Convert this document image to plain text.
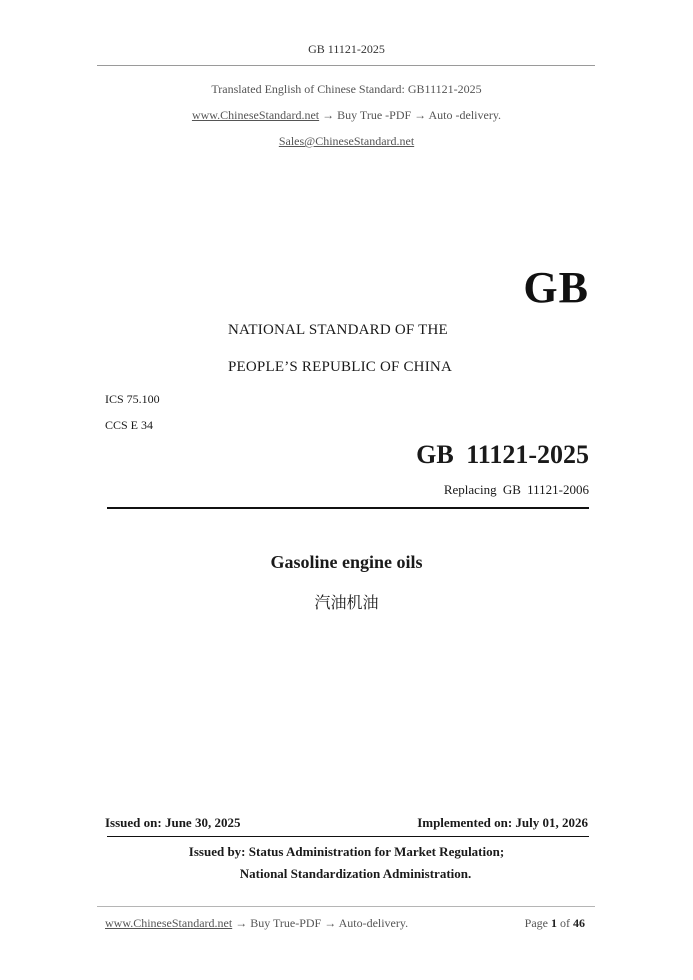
GB 11121-2025
Translated English of Chinese Standard: GB11121-2025
www.ChineseStandard.net → Buy True -PDF → Auto -delivery.
Sales@ChineseStandard.net
GB
NATIONAL STANDARD OF THE
PEOPLE’S REPUBLIC OF CHINA
ICS 75.100
CCS E 34
GB 11121-2025
Replacing GB 11121-2006
Gasoline engine oils
汽油机油
Issued on: June 30, 2025	Implemented on: July 01, 2026
Issued by: Status Administration for Market Regulation;
National Standardization Administration.
www.ChineseStandard.net → Buy True-PDF → Auto-delivery.	Page 1 of 46
